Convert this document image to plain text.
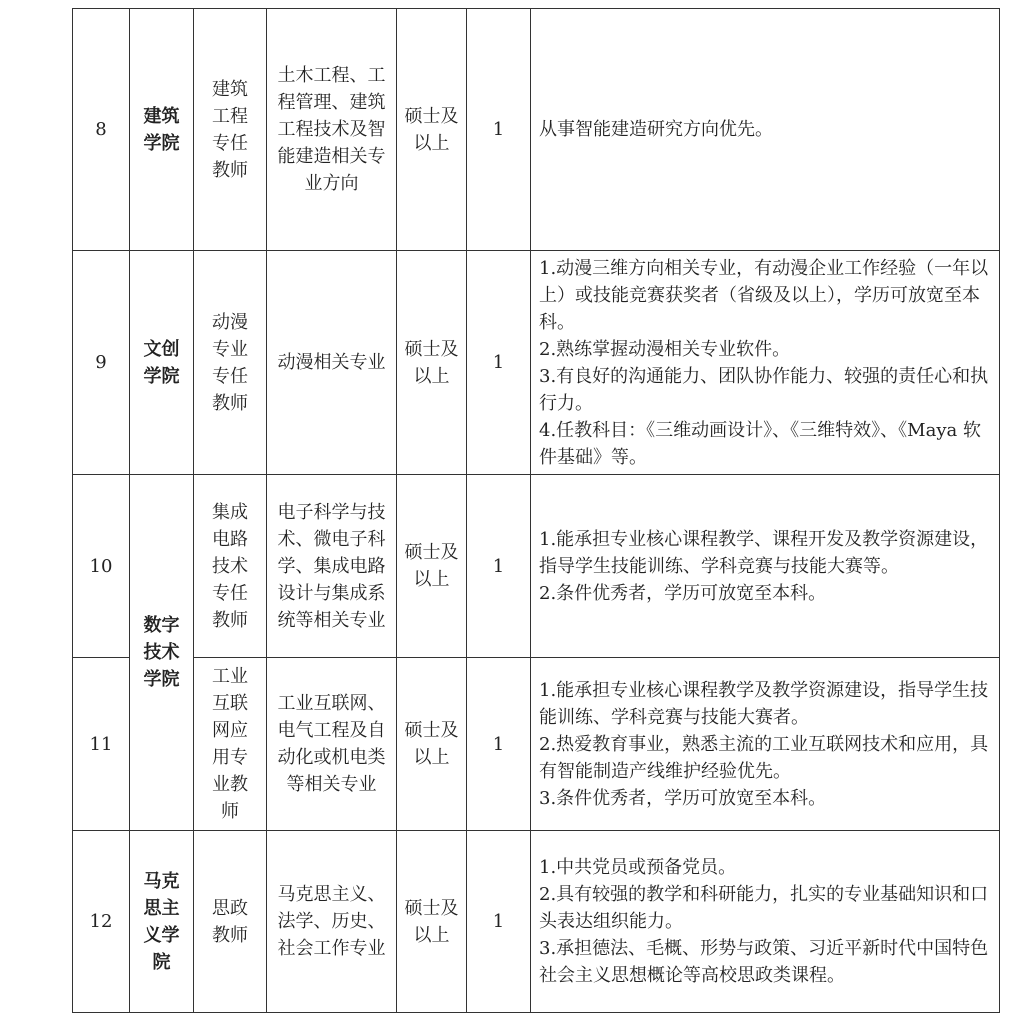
8	建筑学院	建筑工程专任教师	土木工程、工程管理、建筑工程技术及智能建造相关专业方向	硕士及以上	1	从事智能建造研究方向优先。

9	文创学院	动漫专业专任教师	动漫相关专业	硕士及以上	1	1.动漫三维方向相关专业，有动漫企业工作经验（一年以上）或技能竞赛获奖者（省级及以上），学历可放宽至本科。
2.熟练掌握动漫相关专业软件。
3.有良好的沟通能力、团队协作能力、较强的责任心和执行力。
4.任教科目：《三维动画设计》、《三维特效》、《Maya 软件基础》等。

10	数字技术学院	集成电路技术专任教师	电子科学与技术、微电子科学、集成电路设计与集成系统等相关专业	硕士及以上	1	1.能承担专业核心课程教学、课程开发及教学资源建设，指导学生技能训练、学科竞赛与技能大赛等。
2.条件优秀者，学历可放宽至本科。

11		工业互联网应用专业教师	工业互联网、电气工程及自动化或机电类等相关专业	硕士及以上	1	1.能承担专业核心课程教学及教学资源建设，指导学生技能训练、学科竞赛与技能大赛者。
2.热爱教育事业，熟悉主流的工业互联网技术和应用，具有智能制造产线维护经验优先。
3.条件优秀者，学历可放宽至本科。

12	马克思主义学院	思政教师	马克思主义、法学、历史、社会工作专业	硕士及以上	1	1.中共党员或预备党员。
2.具有较强的教学和科研能力，扎实的专业基础知识和口头表达组织能力。
3.承担德法、毛概、形势与政策、习近平新时代中国特色社会主义思想概论等高校思政类课程。
